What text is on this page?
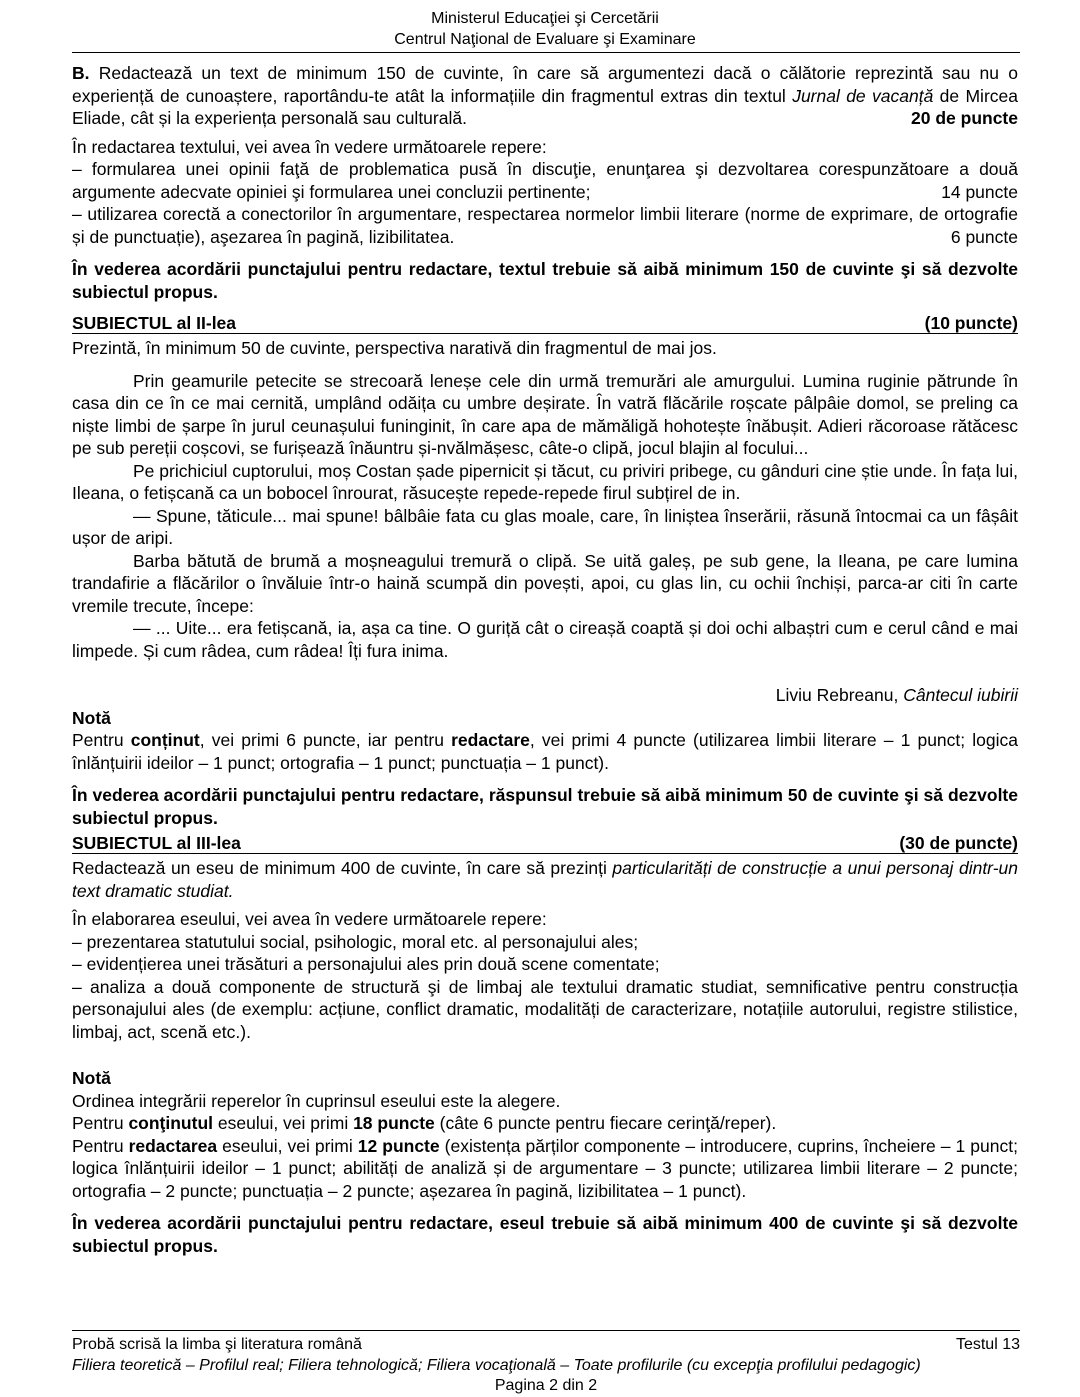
Ministerul Educaţiei şi Cercetării
Centrul Naţional de Evaluare şi Examinare

B. Redactează un text de minimum 150 de cuvinte, în care să argumentezi dacă o călătorie reprezintă sau nu o experiență de cunoaștere, raportându-te atât la informațiile din fragmentul extras din textul Jurnal de vacanță de Mircea Eliade, cât și la experiența personală sau culturală.	20 de puncte

În redactarea textului, vei avea în vedere următoarele repere:

– formularea unei opinii faţă de problematica pusă în discuţie, enunţarea şi dezvoltarea corespunzătoare a două argumente adecvate opiniei şi formularea unei concluzii pertinente;	14 puncte

– utilizarea corectă a conectorilor în argumentare, respectarea normelor limbii literare (norme de exprimare, de ortografie și de punctuație), aşezarea în pagină, lizibilitatea.	6 puncte

În vederea acordării punctajului pentru redactare, textul trebuie să aibă minimum 150 de cuvinte şi să dezvolte subiectul propus.

SUBIECTUL al II-lea	(10 puncte)

Prezintă, în minimum 50 de cuvinte, perspectiva narativă din fragmentul de mai jos.

Prin geamurile petecite se strecoară leneșe cele din urmă tremurări ale amurgului. Lumina ruginie pătrunde în casa din ce în ce mai cernită, umplând odăița cu umbre deșirate. În vatră flăcările roșcate pâlpâie domol, se preling ca niște limbi de șarpe în jurul ceunașului funinginit, în care apa de mămăligă hohotește înăbușit. Adieri răcoroase rătăcesc pe sub pereții coșcovi, se furișează înăuntru și-nvălmășesc, câte-o clipă, jocul blajin al focului...

Pe prichiciul cuptorului, moș Costan șade pipernicit și tăcut, cu priviri pribege, cu gânduri cine știe unde. În fața lui, Ileana, o fetișcană ca un bobocel înrourat, răsucește repede-repede firul subțirel de in.

— Spune, tăticule... mai spune! bâlbâie fata cu glas moale, care, în liniștea înserării, răsună întocmai ca un fâșâit ușor de aripi.

Barba bătută de brumă a moșneagului tremură o clipă. Se uită galeș, pe sub gene, la Ileana, pe care lumina trandafirie a flăcărilor o învăluie într-o haină scumpă din povești, apoi, cu glas lin, cu ochii închiși, parca-ar citi în carte vremile trecute, începe:

— ... Uite... era fetișcană, ia, așa ca tine. O guriță cât o cireașă coaptă și doi ochi albaștri cum e cerul când e mai limpede. Și cum râdea, cum râdea! Îți fura inima.

Liviu Rebreanu, Cântecul iubirii

Notă

Pentru conținut, vei primi 6 puncte, iar pentru redactare, vei primi 4 puncte (utilizarea limbii literare – 1 punct; logica înlănțuirii ideilor – 1 punct; ortografia – 1 punct; punctuația – 1 punct).

În vederea acordării punctajului pentru redactare, răspunsul trebuie să aibă minimum 50 de cuvinte şi să dezvolte subiectul propus.

SUBIECTUL al III-lea	(30 de puncte)

Redactează un eseu de minimum 400 de cuvinte, în care să prezinți particularități de construcție a unui personaj dintr-un text dramatic studiat.

În elaborarea eseului, vei avea în vedere următoarele repere:

– prezentarea statutului social, psihologic, moral etc. al personajului ales;

– evidențierea unei trăsături a personajului ales prin două scene comentate;

– analiza a două componente de structură şi de limbaj ale textului dramatic studiat, semnificative pentru construcția personajului ales (de exemplu: acțiune, conflict dramatic, modalități de caracterizare, notațiile autorului, registre stilistice, limbaj, act, scenă etc.).

Notă

Ordinea integrării reperelor în cuprinsul eseului este la alegere.

Pentru conţinutul eseului, vei primi 18 puncte (câte 6 puncte pentru fiecare cerinţă/reper).

Pentru redactarea eseului, vei primi 12 puncte (existența părților componente – introducere, cuprins, încheiere – 1 punct; logica înlănțuirii ideilor – 1 punct; abilități de analiză și de argumentare – 3 puncte; utilizarea limbii literare – 2 puncte; ortografia – 2 puncte; punctuația – 2 puncte; așezarea în pagină, lizibilitatea – 1 punct).

În vederea acordării punctajului pentru redactare, eseul trebuie să aibă minimum 400 de cuvinte şi să dezvolte subiectul propus.

Probă scrisă la limba şi literatura română	Testul 13
Filiera teoretică – Profilul real; Filiera tehnologică; Filiera vocaţională – Toate profilurile (cu excepţia profilului pedagogic)
Pagina 2 din 2
